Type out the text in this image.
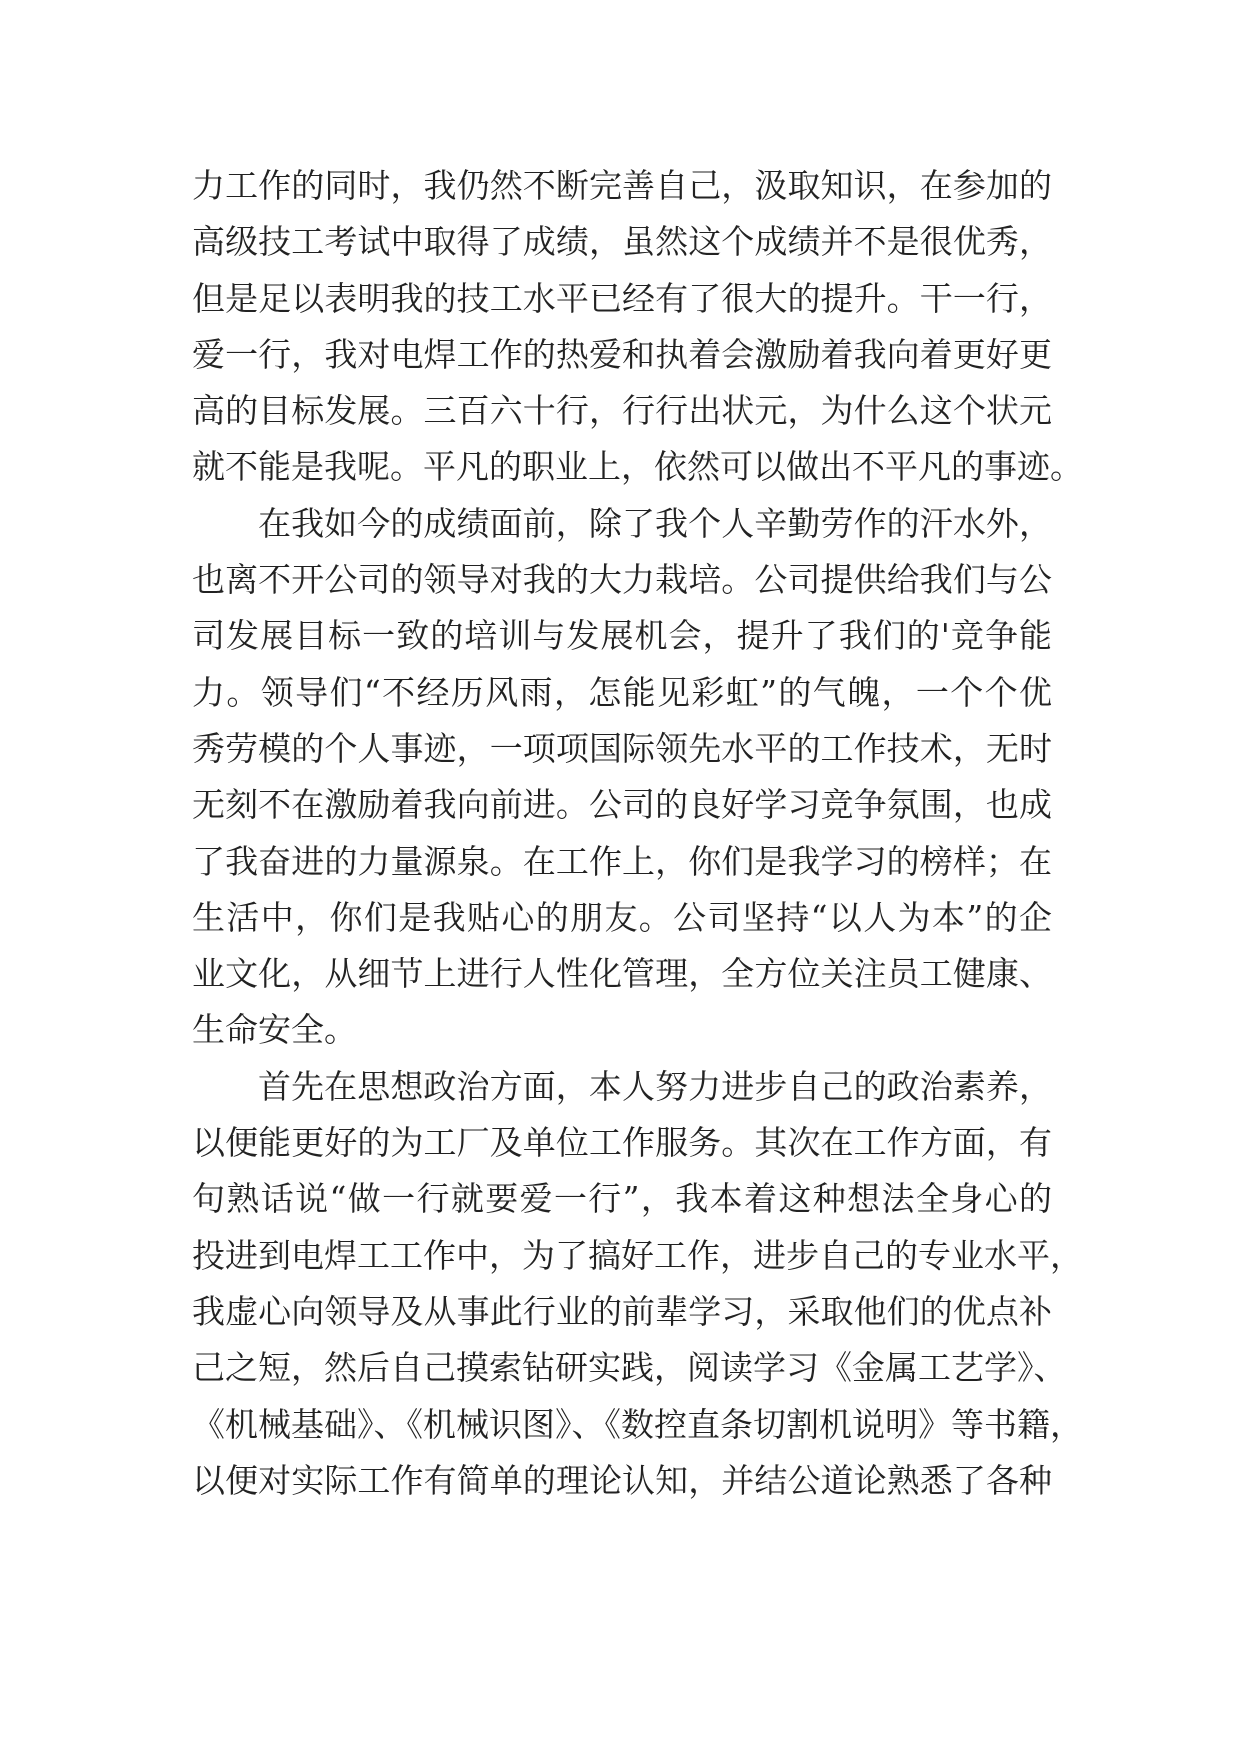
力工作的同时，我仍然不断完善自己，汲取知识，在参加的
高级技工考试中取得了成绩，虽然这个成绩并不是很优秀，
但是足以表明我的技工水平已经有了很大的提升。干一行，
爱一行，我对电焊工作的热爱和执着会激励着我向着更好更
高的目标发展。三百六十行，行行出状元，为什么这个状元
就不能是我呢。平凡的职业上，依然可以做出不平凡的事迹。
在我如今的成绩面前，除了我个人辛勤劳作的汗水外，
也离不开公司的领导对我的大力栽培。公司提供给我们与公
司发展目标一致的培训与发展机会，提升了我们的'竞争能
力。领导们“不经历风雨，怎能见彩虹”的气魄，一个个优
秀劳模的个人事迹，一项项国际领先水平的工作技术，无时
无刻不在激励着我向前进。公司的良好学习竞争氛围，也成
了我奋进的力量源泉。在工作上，你们是我学习的榜样；在
生活中，你们是我贴心的朋友。公司坚持“以人为本”的企
业文化，从细节上进行人性化管理，全方位关注员工健康、
生命安全。
首先在思想政治方面，本人努力进步自己的政治素养，
以便能更好的为工厂及单位工作服务。其次在工作方面，有
句熟话说“做一行就要爱一行”，我本着这种想法全身心的
投进到电焊工工作中，为了搞好工作，进步自己的专业水平，
我虚心向领导及从事此行业的前辈学习，采取他们的优点补
己之短，然后自己摸索钻研实践，阅读学习《金属工艺学》、
《机械基础》、《机械识图》、《数控直条切割机说明》等书籍，
以便对实际工作有简单的理论认知，并结公道论熟悉了各种
